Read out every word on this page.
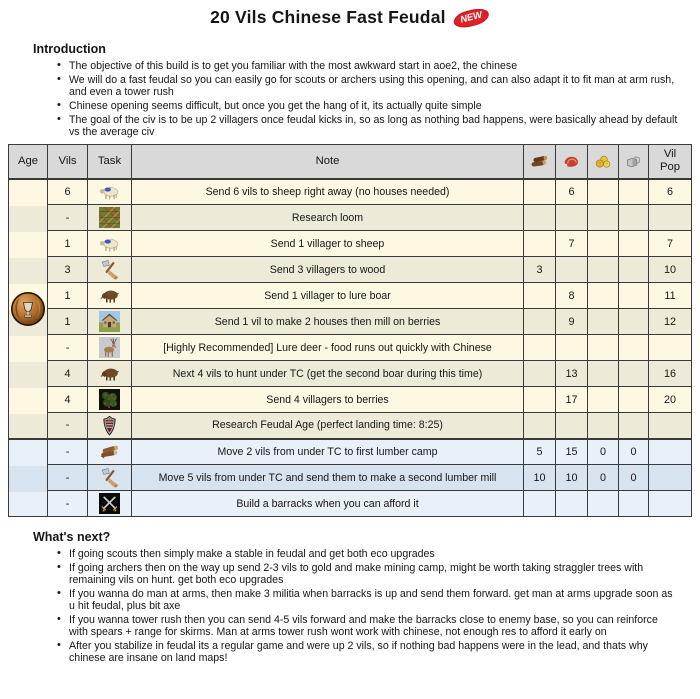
20 Vils Chinese Fast Feudal NEW
Introduction
• The objective of this build is to get you familiar with the most awkward start in aoe2, the chinese
• We will do a fast feudal so you can easily go for scouts or archers using this opening, and can also adapt it to fit man at arm rush, and even a tower rush
• Chinese opening seems difficult, but once you get the hang of it, its actually quite simple
• The goal of the civ is to be up 2 villagers once feudal kicks in, so as long as nothing bad happens, were basically ahead by default vs the average civ
Age	Vils	Task	Note					Vil
Pop

	6		Send 6 vils to sheep right away (no houses needed)		6			6
	-		Research loom					
	1		Send 1 villager to sheep		7			7
	3		Send 3 villagers to wood	3				10
	1		Send 1 villager to lure boar		8			11
	1		Send 1 vil to make 2 houses then mill on berries		9			12
	-		[Highly Recommended] Lure deer - food runs out quickly with Chinese					
	4		Next 4 vils to hunt under TC (get the second boar during this time)		13			16
	4		Send 4 villagers to berries		17			20
	-		Research Feudal Age (perfect landing time: 8:25)					
	-		Move 2 vils from under TC to first lumber camp	5	15	0	0	
	-		Move 5 vils from under TC and send them to make a second lumber mill	10	10	0	0	
	-		Build a barracks when you can afford it					
What's next?
• If going scouts then simply make a stable in feudal and get both eco upgrades
• If going archers then on the way up send 2-3 vils to gold and make mining camp, might be worth taking straggler trees with remaining vils on hunt. get both eco upgrades
• If you wanna do man at arms, then make 3 militia when barracks is up and send them forward. get man at arms upgrade soon as u hit feudal, plus bit axe
• If you wanna tower rush then you can send 4-5 vils forward and make the barracks close to enemy base, so you can reinforce with spears + range for skirms. Man at arms tower rush wont work with chinese, not enough res to afford it early on
• After you stabilize in feudal its a regular game and were up 2 vils, so if nothing bad happens were in the lead, and thats why chinese are insane on land maps!
